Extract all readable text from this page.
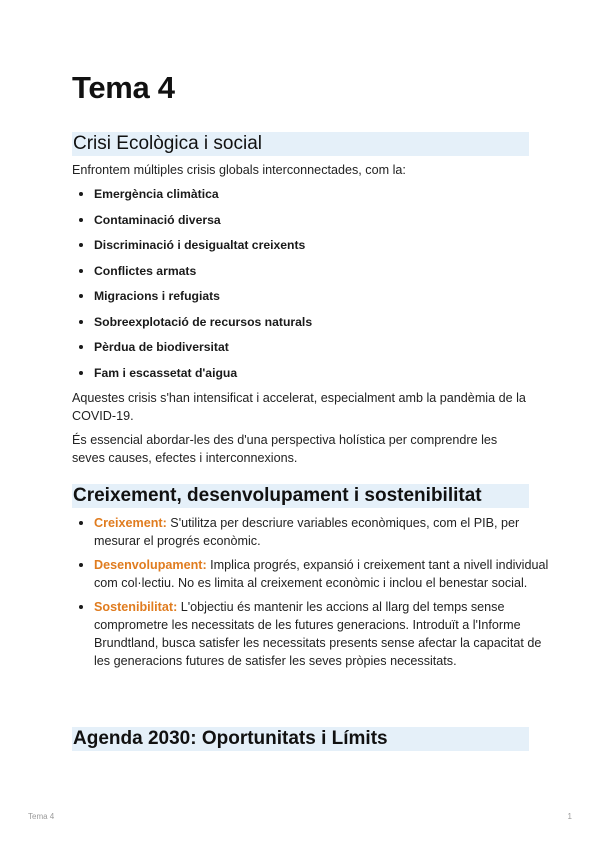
Tema 4
Crisi Ecològica i social

Enfrontem múltiples crisis globals interconnectades, com la:

Emergència climàtica
Contaminació diversa
Discriminació i desigualtat creixents
Conflictes armats
Migracions i refugiats
Sobreexplotació de recursos naturals
Pèrdua de biodiversitat
Fam i escassetat d'aigua

Aquestes crisis s'han intensificat i accelerat, especialment amb la pandèmia de la COVID-19.

És essencial abordar-les des d'una perspectiva holística per comprendre les seves causes, efectes i interconnexions.

Creixement, desenvolupament i sostenibilitat
Creixement: S'utilitza per descriure variables econòmiques, com el PIB, per mesurar el progrés econòmic.
Desenvolupament: Implica progrés, expansió i creixement tant a nivell individual com col·lectiu. No es limita al creixement econòmic i inclou el benestar social.
Sostenibilitat: L'objectiu és mantenir les accions al llarg del temps sense comprometre les necessitats de les futures generacions. Introduït a l'Informe Brundtland, busca satisfer les necessitats presents sense afectar la capacitat de les generacions futures de satisfer les seves pròpies necessitats.
Agenda 2030: Oportunitats i Límits
Tema 4	1
